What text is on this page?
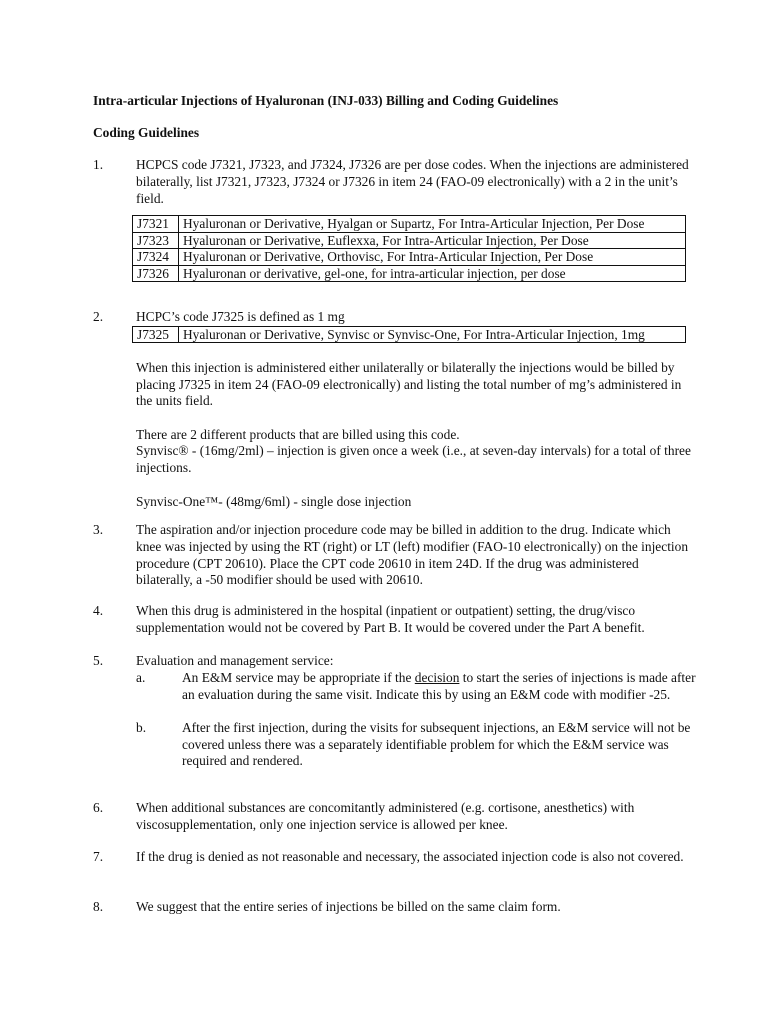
Intra-articular Injections of Hyaluronan (INJ-033) Billing and Coding Guidelines
Coding Guidelines
1. HCPCS code J7321, J7323, and J7324, J7326 are per dose codes. When the injections are administered bilaterally, list J7321, J7323, J7324 or J7326 in item 24 (FAO-09 electronically) with a 2 in the unit’s field.

J7321	Hyaluronan or Derivative, Hyalgan or Supartz, For Intra-Articular Injection, Per Dose
J7323	Hyaluronan or Derivative, Euflexxa, For Intra-Articular Injection, Per Dose
J7324	Hyaluronan or Derivative, Orthovisc, For Intra-Articular Injection, Per Dose
J7326	Hyaluronan or derivative, gel-one, for intra-articular injection, per dose
2. HCPC’s code J7325 is defined as 1 mg

J7325	Hyaluronan or Derivative, Synvisc or Synvisc-One, For Intra-Articular Injection, 1mg

When this injection is administered either unilaterally or bilaterally the injections would be billed by placing J7325 in item 24 (FAO-09 electronically) and listing the total number of mg’s administered in the units field.

There are 2 different products that are billed using this code.

Synvisc® - (16mg/2ml) – injection is given once a week (i.e., at seven-day intervals) for a total of three injections.

Synvisc-One™- (48mg/6ml) - single dose injection

3. The aspiration and/or injection procedure code may be billed in addition to the drug. Indicate which knee was injected by using the RT (right) or LT (left) modifier (FAO-10 electronically) on the injection procedure (CPT 20610). Place the CPT code 20610 in item 24D. If the drug was administered bilaterally, a -50 modifier should be used with 20610.

4. When this drug is administered in the hospital (inpatient or outpatient) setting, the drug/visco supplementation would not be covered by Part B. It would be covered under the Part A benefit.

5. Evaluation and management service:

a.	An E&M service may be appropriate if the decision to start the series of injections is made after an evaluation during the same visit. Indicate this by using an E&M code with modifier -25.
b.	After the first injection, during the visits for subsequent injections, an E&M service will not be covered unless there was a separately identifiable problem for which the E&M service was required and rendered.
6. When additional substances are concomitantly administered (e.g. cortisone, anesthetics) with viscosupplementation, only one injection service is allowed per knee.

7. If the drug is denied as not reasonable and necessary, the associated injection code is also not covered.

8. We suggest that the entire series of injections be billed on the same claim form.
